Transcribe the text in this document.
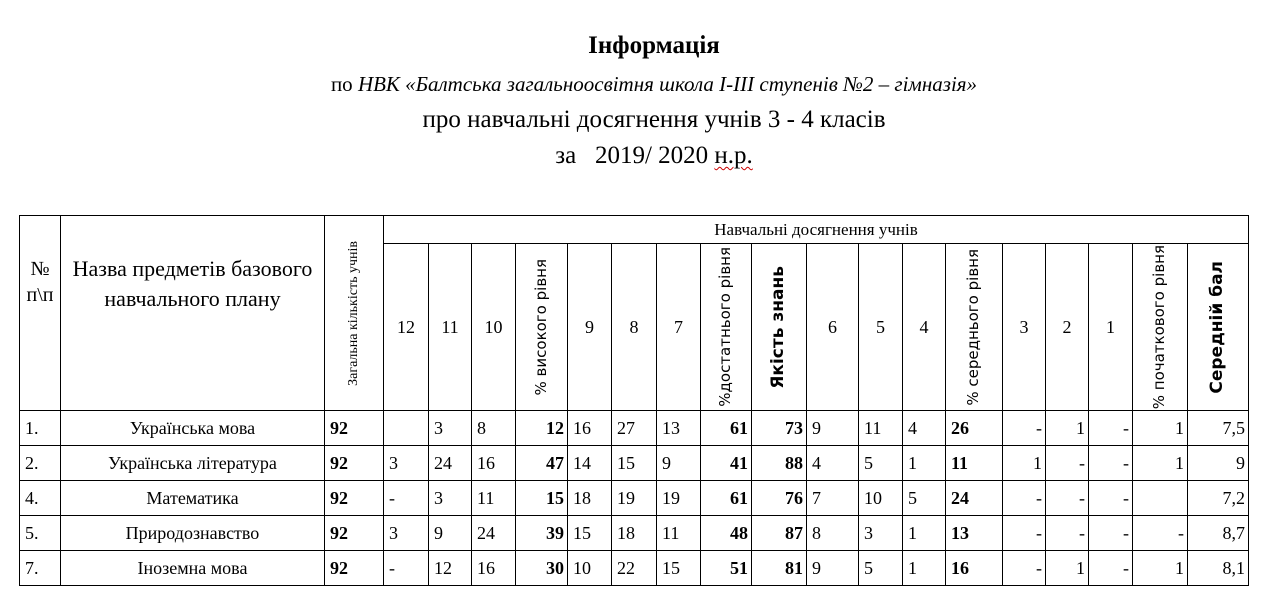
Інформація
по НВК «Балтська загальноосвітня школа І-ІІІ ступенів №2 – гімназія»
про навчальні досягнення учнів 3 - 4 класів
за   2019/ 2020 н.р.
№ п\п	Назва предметів базового навчального плану	Загальна кількість учнів	Навчальні досягнення учнів																	
			12	11	10	% високого рівня	9	8	7	%достатнього рівня	Якість знань	6	5	4	% середнього рівня	3	2	1	% початкового рівня	Середній бал

1.	Українська мова	92		3	8	12	16	27	13	61	73	9	11	4	26	-	1	-	1	7,5
2.	Українська література	92	3	24	16	47	14	15	9	41	88	4	5	1	11	1	-	-	1	9
4.	Математика	92	-	3	11	15	18	19	19	61	76	7	10	5	24	-	-	-		7,2
5.	Природознавство	92	3	9	24	39	15	18	11	48	87	8	3	1	13	-	-	-	-	8,7
7.	Іноземна мова	92	-	12	16	30	10	22	15	51	81	9	5	1	16	-	1	-	1	8,1
